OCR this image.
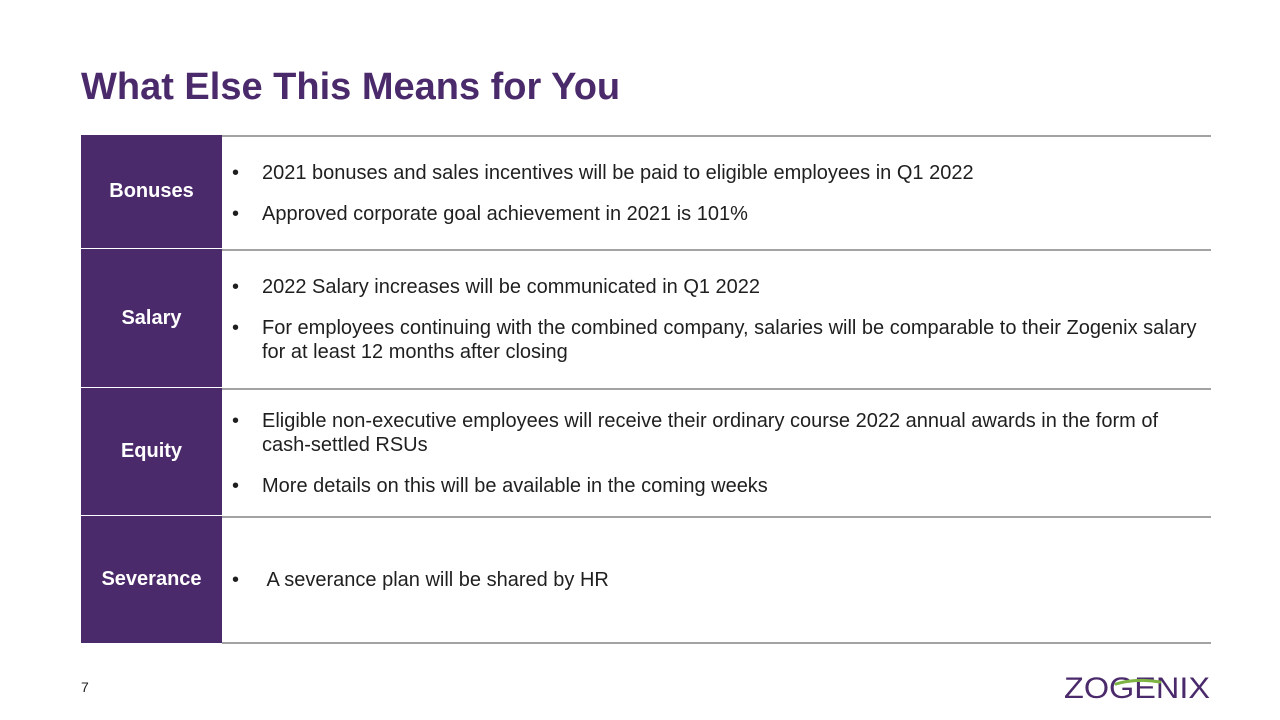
What Else This Means for You
Bonuses
•	2021 bonuses and sales incentives will be paid to eligible employees in Q1 2022
•	Approved corporate goal achievement in 2021 is 101%
Salary
•	2022 Salary increases will be communicated in Q1 2022
•	For employees continuing with the combined company, salaries will be comparable to their Zogenix salary for at least 12 months after closing
Equity
•	Eligible non-executive employees will receive their ordinary course 2022 annual awards in the form of cash-settled RSUs
•	More details on this will be available in the coming weeks
Severance	•	A severance plan will be shared by HR
7	ZOGENIX
